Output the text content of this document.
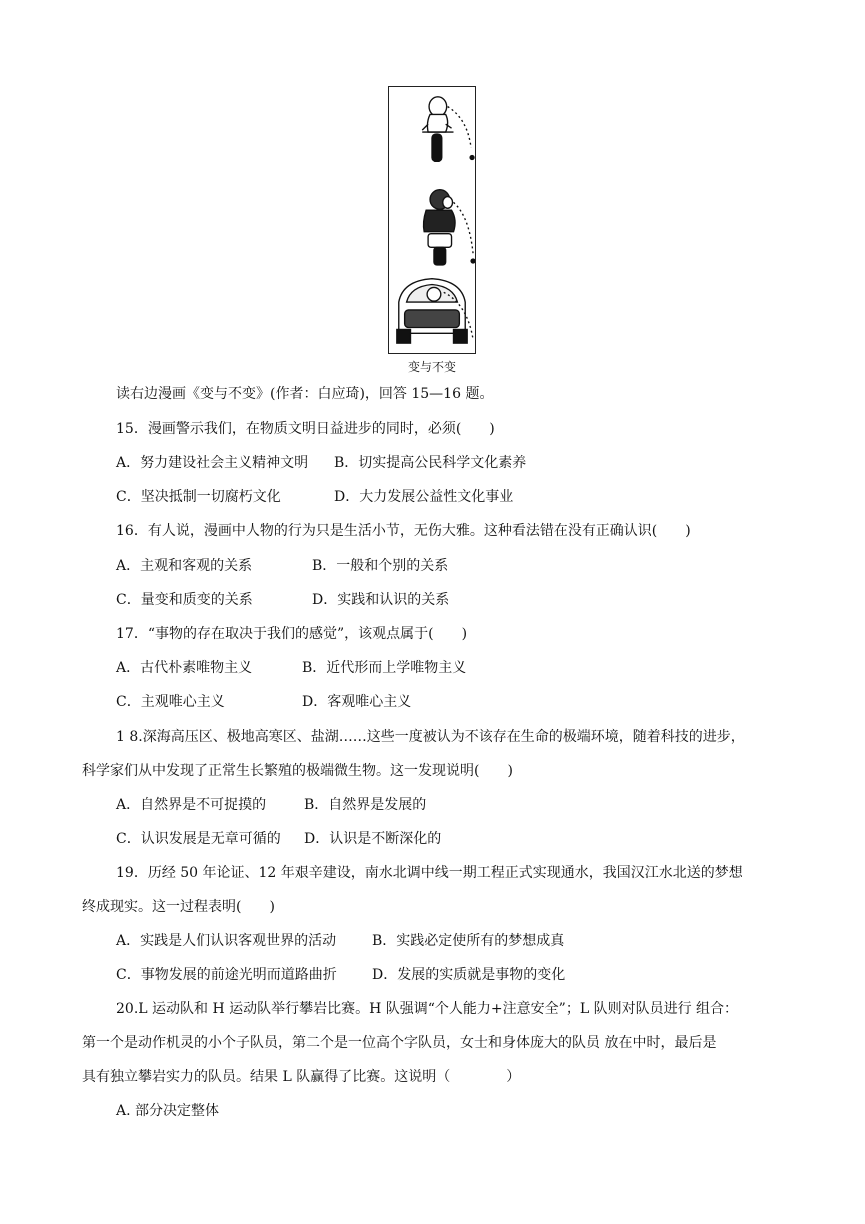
变与不变
读右边漫画《变与不变》(作者：白应琦)，回答 15—16 题。
15．漫画警示我们，在物质文明日益进步的同时，必须(　　)
A．努力建设社会主义精神文明 B．切实提高公民科学文化素养
C．坚决抵制一切腐朽文化	D．大力发展公益性文化事业
16．有人说，漫画中人物的行为只是生活小节，无伤大雅。这种看法错在没有正确认识(　　)
A．主观和客观的关系	B．一般和个别的关系
C．量变和质变的关系	D．实践和认识的关系
17．“事物的存在取决于我们的感觉”，该观点属于(　　)
A．古代朴素唯物主义	B．近代形而上学唯物主义
C．主观唯心主义	D．客观唯心主义
1 8.深海高压区、极地高寒区、盐湖……这些一度被认为不该存在生命的极端环境，随着科技的进步，
科学家们从中发现了正常生长繁殖的极端微生物。这一发现说明(　　)
A．自然界是不可捉摸的	B．自然界是发展的
C．认识发展是无章可循的 D．认识是不断深化的
19．历经 50 年论证、12 年艰辛建设，南水北调中线一期工程正式实现通水，我国汉江水北送的梦想
终成现实。这一过程表明(　　)
A．实践是人们认识客观世界的活动	B．实践必定使所有的梦想成真
C．事物发展的前途光明而道路曲折	D．发展的实质就是事物的变化
20.L 运动队和 H 运动队举行攀岩比赛。H 队强调“个人能力+注意安全”；L 队则对队员进行 组合：
第一个是动作机灵的小个子队员，第二个是一位高个字队员，女士和身体庞大的队员 放在中时，最后是
具有独立攀岩实力的队员。结果 L 队赢得了比赛。这说明（　　　　）
A. 部分决定整体
